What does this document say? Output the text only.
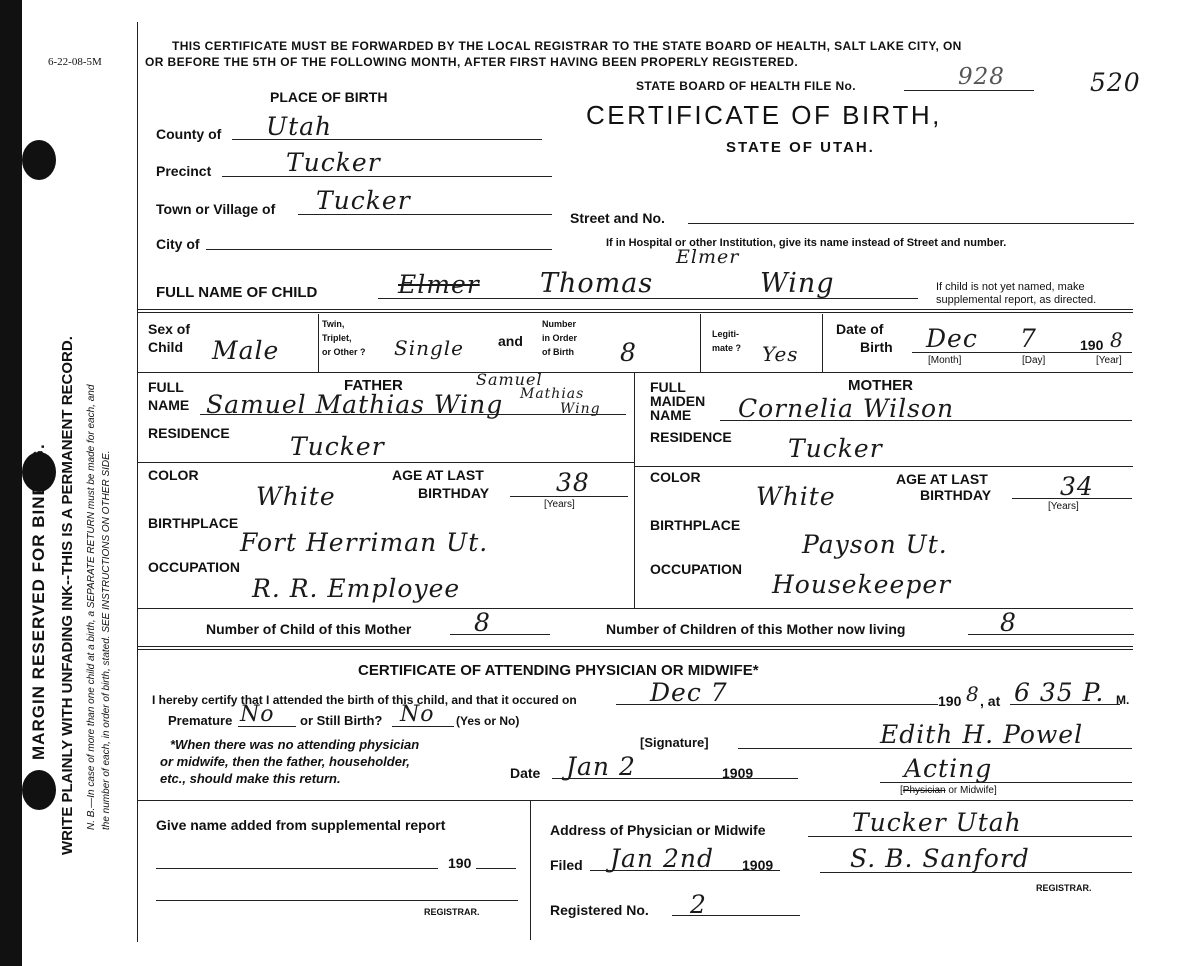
MARGIN RESERVED FOR BINDING. WRITE PLAINLY WITH UNFADING INK--THIS IS A PERMANENT RECORD. N. B.—In case of more than one child at a birth, a SEPARATE RETURN must be made for each, and the number of each, in order of birth, stated. SEE INSTRUCTIONS ON OTHER SIDE.
6-22-08-5M
THIS CERTIFICATE MUST BE FORWARDED BY THE LOCAL REGISTRAR TO THE STATE BOARD OF HEALTH, SALT LAKE CITY, ON
OR BEFORE THE 5TH OF THE FOLLOWING MONTH, AFTER FIRST HAVING BEEN PROPERLY REGISTERED.
STATE BOARD OF HEALTH FILE No.	928	520
CERTIFICATE OF BIRTH,
STATE OF UTAH.
PLACE OF BIRTH
County of Utah
Precinct	Tucker
Town or Village of Tucker
City of
Street and No.
If in Hospital or other Institution, give its name instead of Street and number.
FULL NAME OF CHILD	Elmer Thomas
Elmer
Wing	If child is not yet named, make
supplemental report, as directed.
Sex of
Child Male
Twin,
Triplet,
or Other ? Single and
Number
in Order
of Birth 8
Legiti-
mate ? Yes
Date of
Birth Dec 7	190 8
[Month]	[Day]	[Year]
FULL	FATHER
NAME Samuel Mathias Wing
Samuel
Mathias
Wing
RESIDENCE Tucker
COLOR
White
AGE AT LAST
BIRTHDAY	38
[Years]
BIRTHPLACE
Fort Herriman Ut.
OCCUPATION
R. R. Employee
FULL	MOTHER
MAIDEN
NAME Cornelia Wilson
RESIDENCE Tucker
COLOR
White
AGE AT LAST
BIRTHDAY	34
[Years]
BIRTHPLACE
Payson Ut.
OCCUPATION
Housekeeper
Number of Child of this Mother	8	Number of Children of this Mother now living	8
CERTIFICATE OF ATTENDING PHYSICIAN OR MIDWIFE*
I hereby certify that I attended the birth of this child, and that it occured on	Dec 7	190 8 , at 6 35 P. M.
Premature No or Still Birth? No (Yes or No)
*When there was no attending physician
or midwife, then the father, householder,
etc., should make this return.
[Signature]	Edith H. Powel
Date Jan 2	1909	Acting
[Physician or Midwife]
Give name added from supplemental report
190
REGISTRAR.
Address of Physician or Midwife	Tucker Utah
Filed Jan 2nd 1909	S. B. Sanford
REGISTRAR.
Registered No. 2
